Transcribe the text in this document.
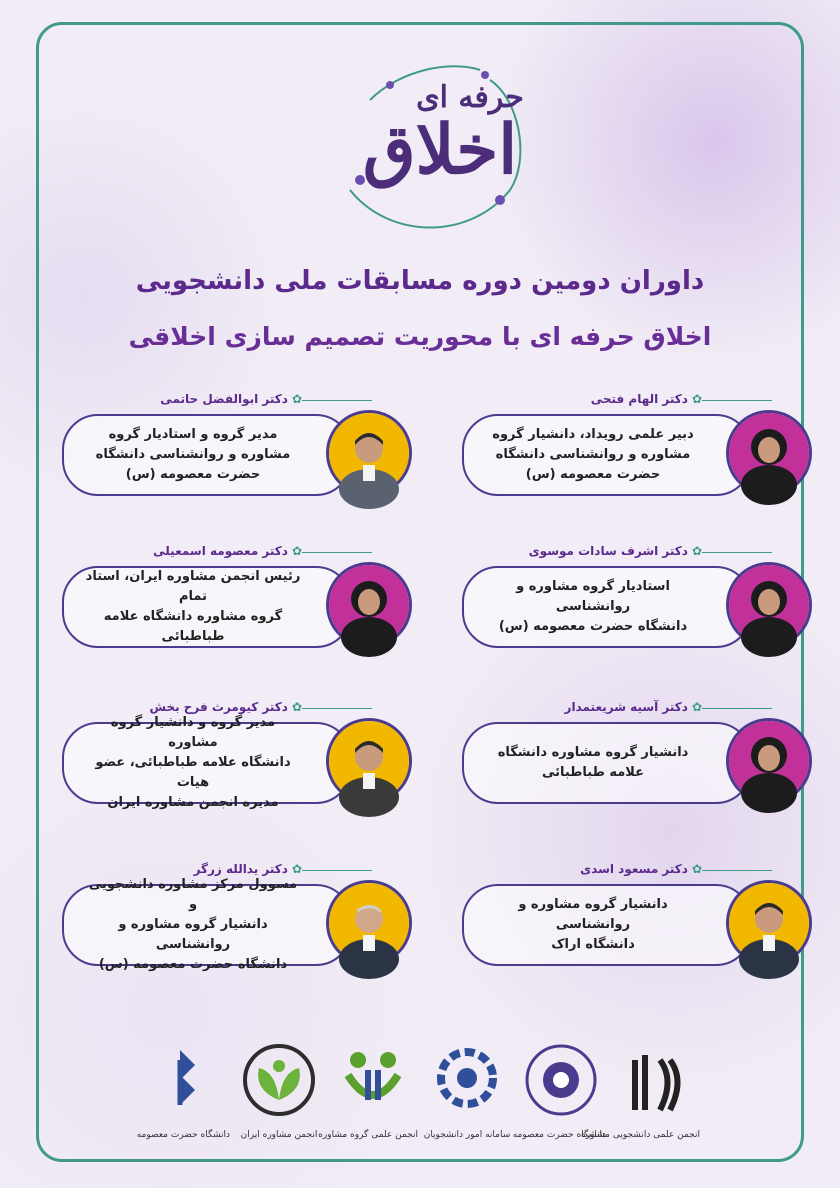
حرفه ای
اخلاق
داوران دومین دوره مسابقات ملی دانشجویی
اخلاق حرفه ای با محوریت تصمیم سازی اخلاقی
✿دکتر الهام فتحی
دبیر علمی رویداد، دانشیار گروه
مشاوره و روانشناسی دانشگاه
حضرت معصومه (س)
✿دکتر ابوالفضل حاتمی
مدیر گروه و استادیار گروه
مشاوره و روانشناسی دانشگاه
حضرت معصومه (س)
✿دکتر اشرف سادات موسوی
استادیار گروه مشاوره و روانشناسی
دانشگاه حضرت معصومه (س)
✿دکتر معصومه اسمعیلی
رئیس انجمن مشاوره ایران، استاد تمام
گروه مشاوره دانشگاه علامه طباطبائی
✿دکتر آسیه شریعتمدار
دانشیار گروه مشاوره دانشگاه
علامه طباطبائی
✿دکتر کیومرث فرح بخش
مدیر گروه و دانشیار گروه مشاوره
دانشگاه علامه طباطبائی، عضو هیات
مدیره انجمن مشاوره ایران
✿دکتر مسعود اسدی
دانشیار گروه مشاوره و روانشناسی
دانشگاه اراک
✿دکتر یدالله زرگر
مسوول مرکز مشاوره دانشجویی و
دانشیار گروه مشاوره و روانشناسی
دانشگاه حضرت معصومه (س)
انجمن علمی دانشجویی مشاوره
دانشگاه حضرت معصومه
سامانه امور دانشجویان
انجمن علمی گروه مشاوره
انجمن مشاوره ایران
دانشگاه حضرت معصومه
